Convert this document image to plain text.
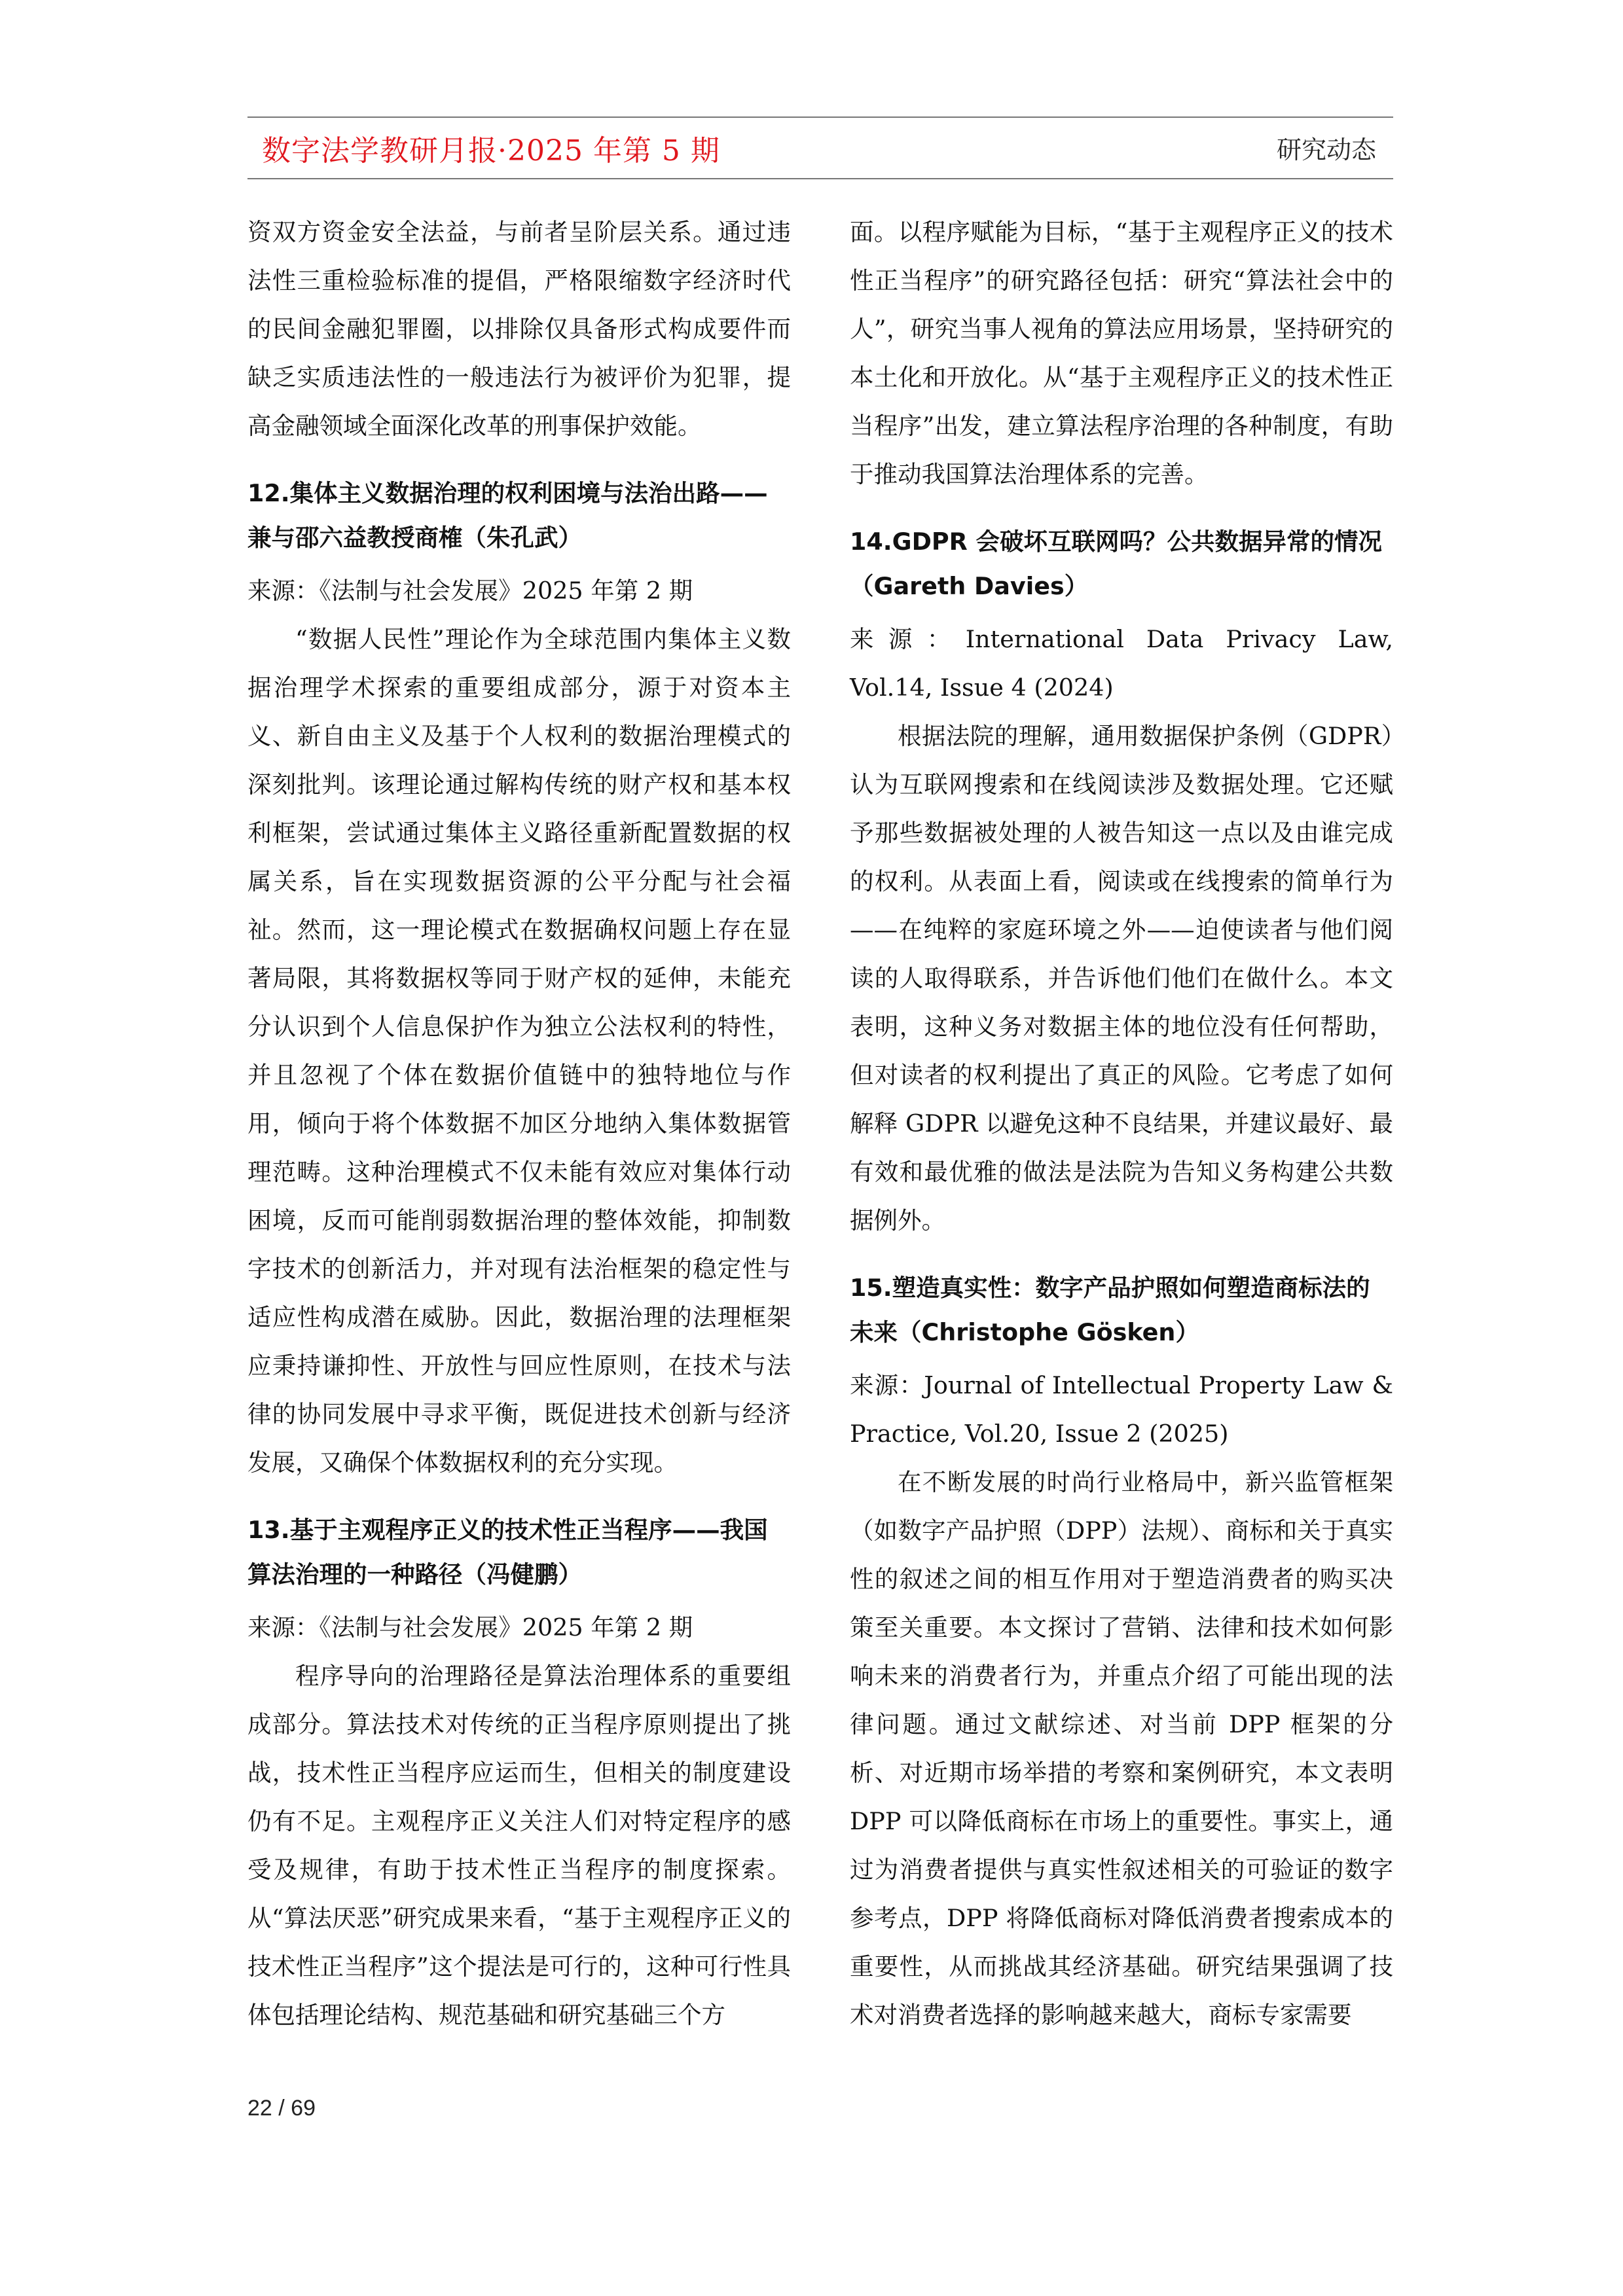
数字法学教研月报·2025 年第 5 期	研究动态

资双方资金安全法益，与前者呈阶层关系。通过违法性三重检验标准的提倡，严格限缩数字经济时代的民间金融犯罪圈，以排除仅具备形式构成要件而缺乏实质违法性的一般违法行为被评价为犯罪，提高金融领域全面深化改革的刑事保护效能。

12.集体主义数据治理的权利困境与法治出路——兼与邵六益教授商榷（朱孔武）

来源：《法制与社会发展》2025 年第 2 期

“数据人民性”理论作为全球范围内集体主义数据治理学术探索的重要组成部分，源于对资本主义、新自由主义及基于个人权利的数据治理模式的深刻批判。该理论通过解构传统的财产权和基本权利框架，尝试通过集体主义路径重新配置数据的权属关系，旨在实现数据资源的公平分配与社会福祉。然而，这一理论模式在数据确权问题上存在显著局限，其将数据权等同于财产权的延伸，未能充分认识到个人信息保护作为独立公法权利的特性，并且忽视了个体在数据价值链中的独特地位与作用，倾向于将个体数据不加区分地纳入集体数据管理范畴。这种治理模式不仅未能有效应对集体行动困境，反而可能削弱数据治理的整体效能，抑制数字技术的创新活力，并对现有法治框架的稳定性与适应性构成潜在威胁。因此，数据治理的法理框架应秉持谦抑性、开放性与回应性原则，在技术与法律的协同发展中寻求平衡，既促进技术创新与经济发展，又确保个体数据权利的充分实现。

13.基于主观程序正义的技术性正当程序——我国算法治理的一种路径（冯健鹏）

来源：《法制与社会发展》2025 年第 2 期

程序导向的治理路径是算法治理体系的重要组成部分。算法技术对传统的正当程序原则提出了挑战，技术性正当程序应运而生，但相关的制度建设仍有不足。主观程序正义关注人们对特定程序的感受及规律，有助于技术性正当程序的制度探索。从“算法厌恶”研究成果来看，“基于主观程序正义的技术性正当程序”这个提法是可行的，这种可行性具体包括理论结构、规范基础和研究基础三个方

面。以程序赋能为目标，“基于主观程序正义的技术性正当程序”的研究路径包括：研究“算法社会中的人”，研究当事人视角的算法应用场景，坚持研究的本土化和开放化。从“基于主观程序正义的技术性正当程序”出发，建立算法程序治理的各种制度，有助于推动我国算法治理体系的完善。

14.GDPR 会破坏互联网吗？公共数据异常的情况（Gareth Davies）

来源：International Data Privacy Law, Vol.14, Issue 4 (2024)

根据法院的理解，通用数据保护条例（GDPR）认为互联网搜索和在线阅读涉及数据处理。它还赋予那些数据被处理的人被告知这一点以及由谁完成的权利。从表面上看，阅读或在线搜索的简单行为——在纯粹的家庭环境之外——迫使读者与他们阅读的人取得联系，并告诉他们他们在做什么。本文表明，这种义务对数据主体的地位没有任何帮助，但对读者的权利提出了真正的风险。它考虑了如何解释 GDPR 以避免这种不良结果，并建议最好、最有效和最优雅的做法是法院为告知义务构建公共数据例外。

15.塑造真实性：数字产品护照如何塑造商标法的未来（Christophe Gösken）

来源：Journal of Intellectual Property Law & Practice, Vol.20, Issue 2 (2025)

在不断发展的时尚行业格局中，新兴监管框架（如数字产品护照（DPP）法规）、商标和关于真实性的叙述之间的相互作用对于塑造消费者的购买决策至关重要。本文探讨了营销、法律和技术如何影响未来的消费者行为，并重点介绍了可能出现的法律问题。通过文献综述、对当前 DPP 框架的分析、对近期市场举措的考察和案例研究，本文表明 DPP 可以降低商标在市场上的重要性。事实上，通过为消费者提供与真实性叙述相关的可验证的数字参考点，DPP 将降低商标对降低消费者搜索成本的重要性，从而挑战其经济基础。研究结果强调了技术对消费者选择的影响越来越大，商标专家需要

22 / 69
